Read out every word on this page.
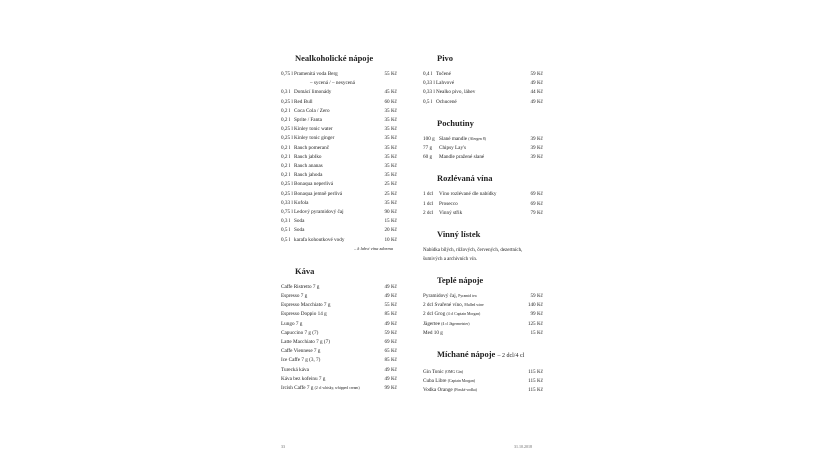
Nealkoholické nápoje
0,75 l Pramenitá voda Berg	55 Kč
– sycená / – nesycená
0,3 l Domácí limonády	45 Kč
0,25 l Red Bull	60 Kč
0,2 l Coca Cola / Zero	35 Kč
0,2 l Sprite / Fanta	35 Kč
0,25 l Kinley tonic water	35 Kč
0,25 l Kinley tonic ginger	35 Kč
0,2 l Rauch pomeranč	35 Kč
0,2 l Rauch jablko	35 Kč
0,2 l Rauch ananas	35 Kč
0,2 l Rauch jahoda	35 Kč
0,25 l Bonaqua neperlivá	25 Kč
0,25 l Bonaqua jemně perlivá	25 Kč
0,33 l Kofola	35 Kč
0,75 l Ledový pyramidový čaj	90 Kč
0,3 l Soda	15 Kč
0,5 l Soda	20 Kč
0,5 l karafa kohoutkové vody	10 Kč
– k lahvi vína zdarma
Káva
Caffe Ristretto 7 g	49 Kč
Espresso 7 g	49 Kč
Espresso Macchiato 7 g	55 Kč
Espresso Doppio 14 g	85 Kč
Lungo 7 g	49 Kč
Capuccino 7 g (7)	59 Kč
Latte Macchiato 7 g (7)	69 Kč
Caffe Viennese 7 g	65 Kč
Ice Caffe 7 g (3, 7)	85 Kč
Turecká káva	49 Kč
Káva bez kofeinu 7 g	49 Kč
Ircish Caffe 7 g (2 cl whisky, whipped cream)	99 Kč
Pivo
0,4 l Točené	59 Kč
0,33 l Lahvové	49 Kč
0,33 l Nealko pivo, láhev	44 Kč
0,5 l Ochucené	49 Kč
Pochutiny
100 g Slané mandle (Alergen 8)	39 Kč
77 g	Chipsy Lay's	39 Kč
60 g	Mandle pražené slané	39 Kč
Rozlévaná vína
1 dcl	Víno rozlévané dle nabídky	69 Kč
1 dcl	Prosecco	69 Kč
2 dcl	Vinný střik	79 Kč
Vinný lístek
Nabídka bílých, růžových, červených, dezertních, šumivých a archivních vín.
Teplé nápoje
Pyramidový čaj, Pyramid tea	59 Kč
2 dcl Svařené víno, Mulled wine	140 Kč
2 dcl Grog (4 cl Captain Morgan)	99 Kč
Jägertee (4 cl Jägermeister)	125 Kč
Med 10 g	15 Kč
Míchané nápoje – 2 dcl/4 cl
Gin Tonic (OMG Gin)	115 Kč
Cuba Libre (Captain Morgan)	115 Kč
Vodka Orange (Finské vodka)	115 Kč
33	31.10.2018
